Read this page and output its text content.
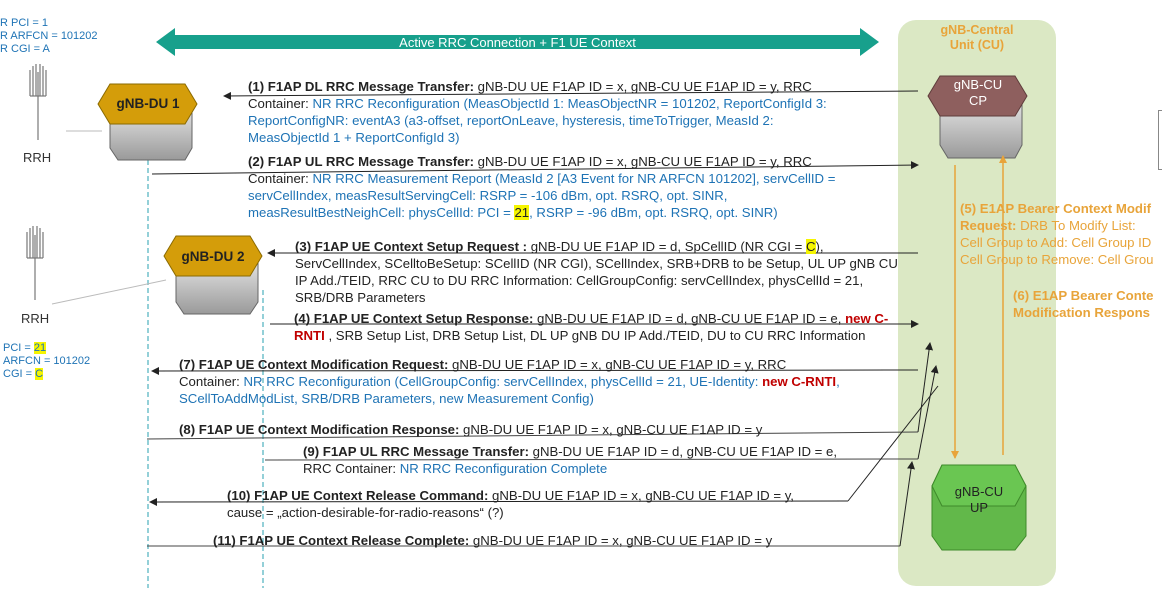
R PCI = 1
R ARFCN = 101202
R CGI = A
PCI = 21
ARFCN = 101202
CGI = C
RRH
RRH
gNB-DU 1
gNB-DU 2
Active RRC Connection + F1 UE Context
gNB-Central
Unit (CU)
gNB-CU
CP
gNB-CU
UP
(1) F1AP DL RRC Message Transfer: gNB-DU UE F1AP ID = x, gNB-CU UE F1AP ID = y, RRC
Container: NR RRC Reconfiguration (MeasObjectId 1: MeasObjectNR = 101202, ReportConfigId 3:
ReportConfigNR: eventA3 (a3-offset, reportOnLeave, hysteresis, timeToTrigger, MeasId 2:
MeasObjectId 1 + ReportConfigId 3)
(2) F1AP UL RRC Message Transfer: gNB-DU UE F1AP ID = x, gNB-CU UE F1AP ID = y, RRC
Container: NR RRC Measurement Report (MeasId 2 [A3 Event for NR ARFCN 101202], servCellID =
servCellIndex, measResultServingCell: RSRP = -106 dBm, opt. RSRQ, opt. SINR,
measResultBestNeighCell: physCellId: PCI = 21, RSRP = -96 dBm, opt. RSRQ, opt. SINR)
(3) F1AP UE Context Setup Request : gNB-DU UE F1AP ID = d, SpCellID (NR CGI = C),
ServCellIndex, SCelltoBeSetup: SCellID (NR CGI), SCellIndex, SRB+DRB to be Setup, UL UP gNB CU
IP Add./TEID, RRC CU to DU RRC Information: CellGroupConfig: servCellIndex, physCellId = 21,
SRB/DRB Parameters
(4) F1AP UE Context Setup Response: gNB-DU UE F1AP ID = d, gNB-CU UE F1AP ID = e, new C-
RNTI , SRB Setup List, DRB Setup List, DL UP gNB DU IP Add./TEID, DU to CU RRC Information
(5) E1AP Bearer Context Modif
Request: DRB To Modify List:
Cell Group to Add: Cell Group ID
Cell Group to Remove: Cell Grou
(6) E1AP Bearer Conte
Modification Respons
(7) F1AP UE Context Modification Request: gNB-DU UE F1AP ID = x, gNB-CU UE F1AP ID = y, RRC
Container: NR RRC Reconfiguration (CellGroupConfig: servCellIndex, physCellId = 21, UE-Identity: new C-RNTI,
SCellToAddModList, SRB/DRB Parameters, new Measurement Config)
(8) F1AP UE Context Modification Response: gNB-DU UE F1AP ID = x, gNB-CU UE F1AP ID = y
(9) F1AP UL RRC Message Transfer: gNB-DU UE F1AP ID = d, gNB-CU UE F1AP ID = e,
RRC Container: NR RRC Reconfiguration Complete
(10) F1AP UE Context Release Command: gNB-DU UE F1AP ID = x, gNB-CU UE F1AP ID = y,
cause = „action-desirable-for-radio-reasons“ (?)
(11) F1AP UE Context Release Complete: gNB-DU UE F1AP ID = x, gNB-CU UE F1AP ID = y
